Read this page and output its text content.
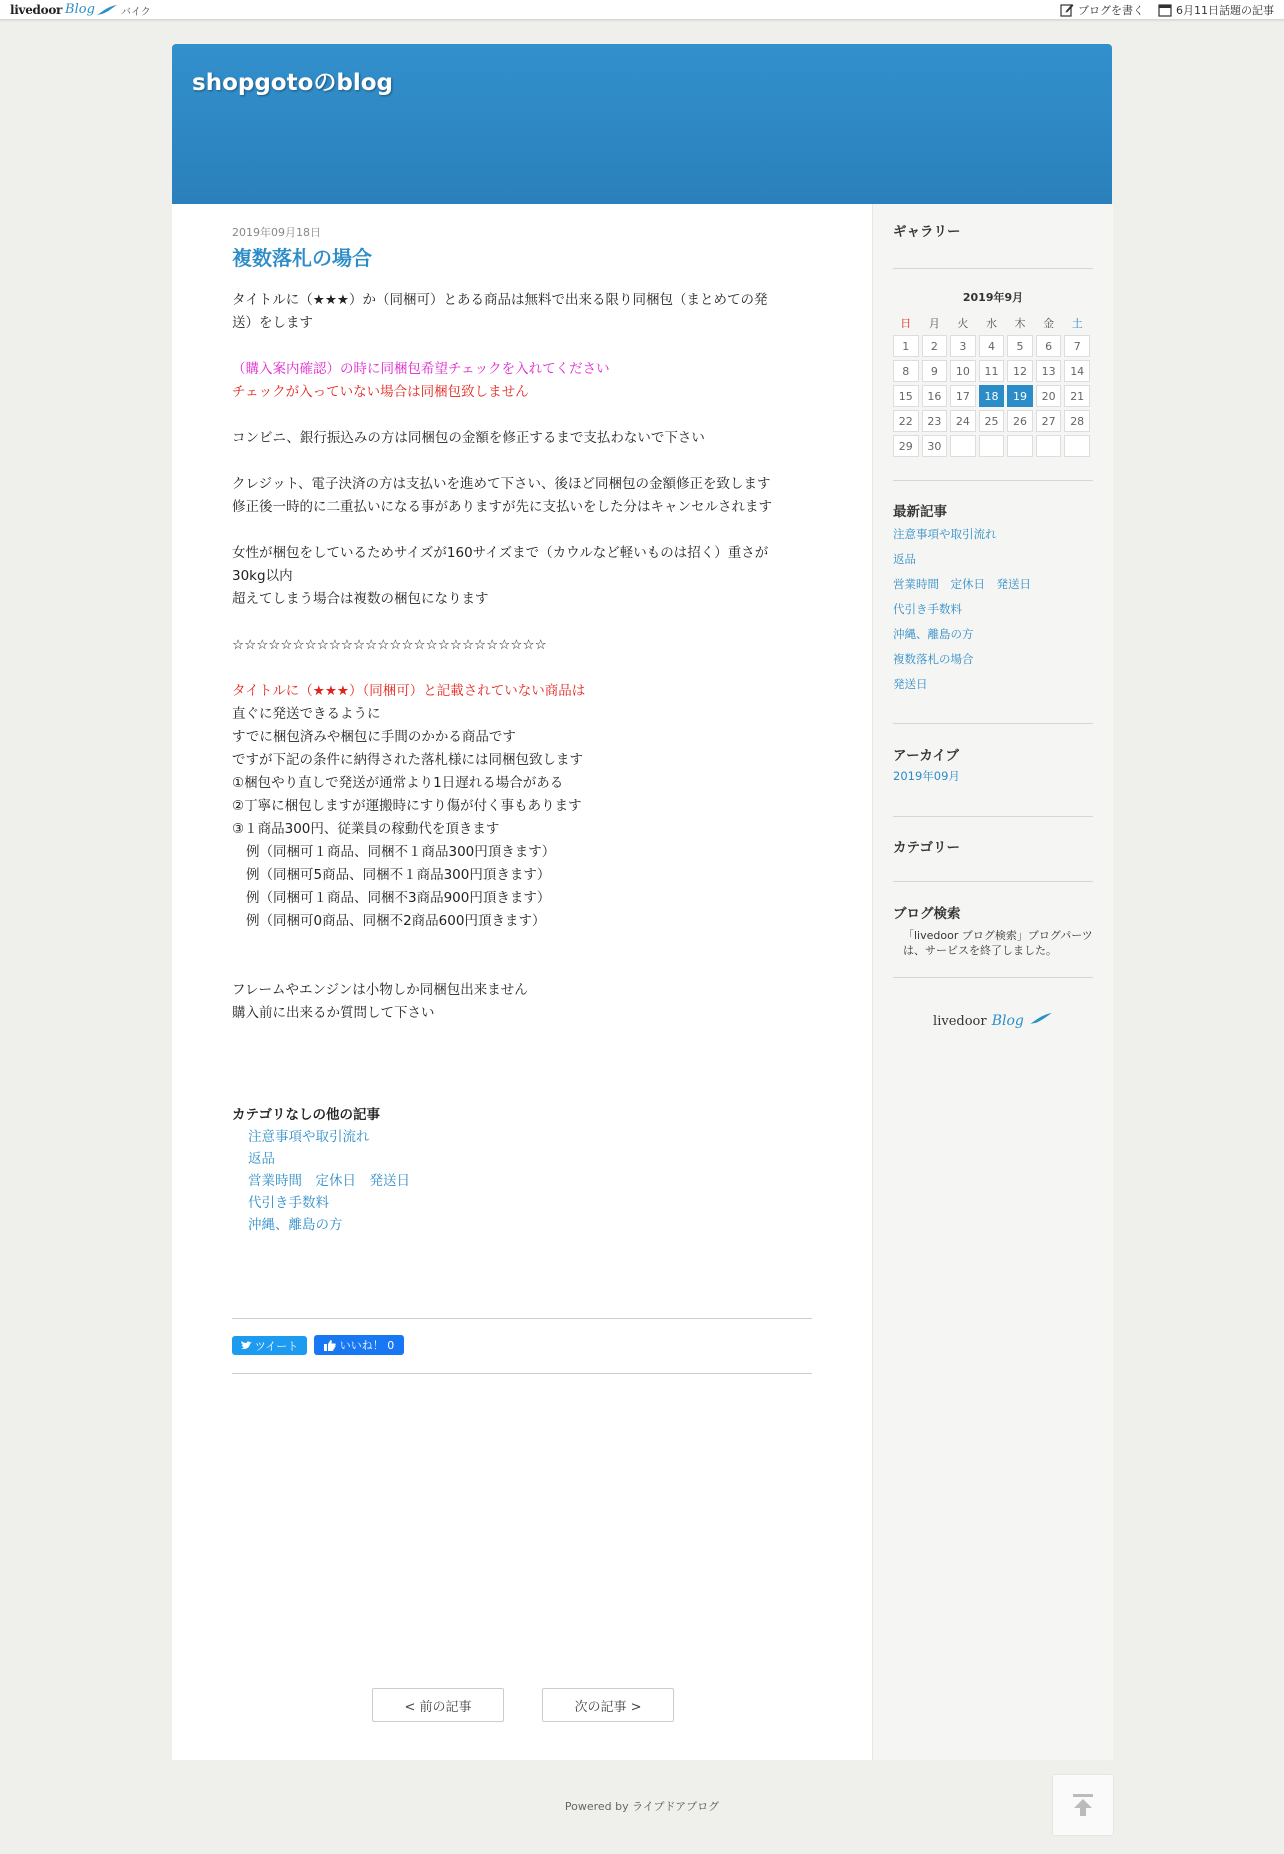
livedoor Blog	バイク	ブログを書く	6月11日話題の記事
shopgotoのblog
2019年09月18日
複数落札の場合
タイトルに（★★★）か（同梱可）とある商品は無料で出来る限り同梱包（まとめての発
送）をします
（購入案内確認）の時に同梱包希望チェックを入れてください
チェックが入っていない場合は同梱包致しません
コンビニ、銀行振込みの方は同梱包の金額を修正するまで支払わないで下さい
クレジット、電子決済の方は支払いを進めて下さい、後ほど同梱包の金額修正を致します
修正後一時的に二重払いになる事がありますが先に支払いをした分はキャンセルされます
女性が梱包をしているためサイズが160サイズまで（カウルなど軽いものは招く）重さが
30kg以内
超えてしまう場合は複数の梱包になります
☆☆☆☆☆☆☆☆☆☆☆☆☆☆☆☆☆☆☆☆☆☆☆☆☆☆
タイトルに（★★★）（同梱可）と記載されていない商品は
直ぐに発送できるように
すでに梱包済みや梱包に手間のかかる商品です
ですが下記の条件に納得された落札様には同梱包致します
①梱包やり直しで発送が通常より1日遅れる場合がある
②丁寧に梱包しますが運搬時にすり傷が付く事もあります
③１商品300円、従業員の稼動代を頂きます
例（同梱可１商品、同梱不１商品300円頂きます）
例（同梱可5商品、同梱不１商品300円頂きます）
例（同梱可１商品、同梱不3商品900円頂きます）
例（同梱可0商品、同梱不2商品600円頂きます）
フレームやエンジンは小物しか同梱包出来ません
購入前に出来るか質問して下さい
カテゴリなしの他の記事
注意事項や取引流れ
返品
営業時間　定休日　発送日
代引き手数料
沖縄、離島の方
ツイート	いいね！ 0
< 前の記事	次の記事 >
ギャラリー
2019年9月
日	月	火	水	木	金	土
1	2	3	4	5	6	7
8	9	10	11	12	13	14
15	16	17	18	19	20	21
22	23	24	25	26	27	28
29	30					
最新記事
注意事項や取引流れ
返品
営業時間　定休日　発送日
代引き手数料
沖縄、離島の方
複数落札の場合
発送日
アーカイブ
2019年09月
カテゴリー
ブログ検索
「livedoor ブログ検索」ブログパーツは、サービスを終了しました。
livedoor Blog
Powered by ライブドアブログ
